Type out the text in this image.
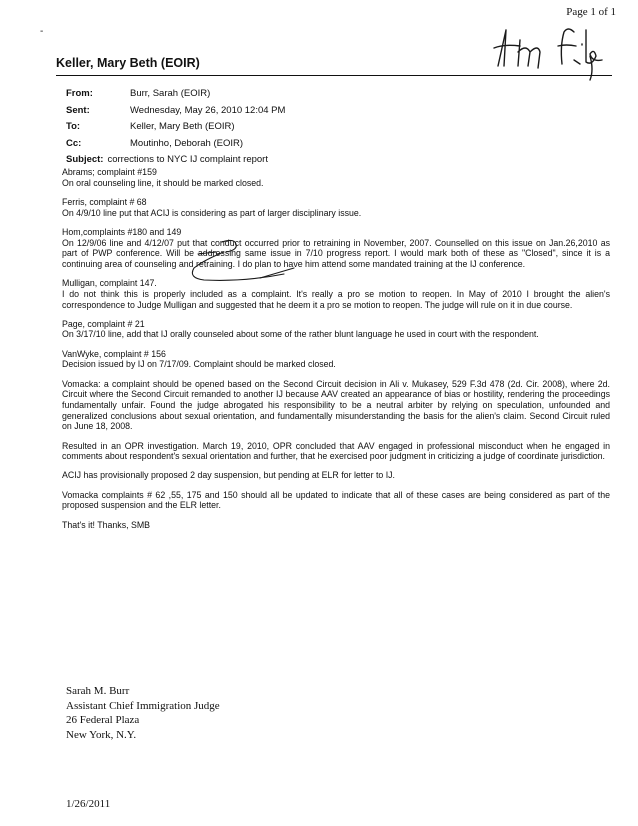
-
Page 1 of 1
Keller, Mary Beth (EOIR)
From:	Burr, Sarah (EOIR)
Sent:	Wednesday, May 26, 2010 12:04 PM
To:	Keller, Mary Beth (EOIR)
Cc:	Moutinho, Deborah (EOIR)
Subject: corrections to NYC IJ complaint report
Abrams; complaint #159
On oral counseling line, it should be marked closed.
Ferris, complaint # 68
On 4/9/10 line put that ACIJ is considering as part of larger disciplinary issue.
Hom,complaints #180 and 149
On 12/9/06 line and 4/12/07 put that conduct occurred prior to retraining in November, 2007. Counselled on this issue on Jan.26,2010 as part of PWP conference. Will be addressing same issue in 7/10 progress report. I would mark both of these as "Closed", since it is a continuing area of counseling and retraining. I do plan to have him attend some mandated training at the IJ conference.
Mulligan, complaint 147.
I do not think this is properly included as a complaint. It's really a pro se motion to reopen. In May of 2010 I brought the alien's correspondence to Judge Mulligan and suggested that he deem it a pro se motion to reopen. The judge will rule on it in due course.
Page, complaint # 21
On 3/17/10 line, add that IJ orally counseled about some of the rather blunt language he used in court with the respondent.
VanWyke, complaint # 156
Decision issued by IJ on 7/17/09. Complaint should be marked closed.
Vomacka: a complaint should be opened based on the Second Circuit decision in Ali v. Mukasey, 529 F.3d 478 (2d. Cir. 2008), where 2d. Circuit where the Second Circuit remanded to another IJ because AAV created an appearance of bias or hostility, rendering the proceedings fundamentally unfair. Found the judge abrogated his responsibility to be a neutral arbiter by relying on speculation, unfounded and generalized conclusions about sexual orientation, and fundamentally misunderstanding the basis for the alien's claim. Second Circuit ruled on June 18, 2008.
Resulted in an OPR investigation. March 19, 2010, OPR concluded that AAV engaged in professional misconduct when he engaged in comments about respondent's sexual orientation and further, that he exercised poor judgment in criticizing a judge of coordinate jurisdiction.
ACIJ has provisionally proposed 2 day suspension, but pending at ELR for letter to IJ.
Vomacka complaints # 62 ,55, 175 and 150 should all be updated to indicate that all of these cases are being considered as part of the proposed suspension and the ELR letter.
That's it! Thanks, SMB
Sarah M. Burr
Assistant Chief Immigration Judge
26 Federal Plaza
New York, N.Y.
1/26/2011
